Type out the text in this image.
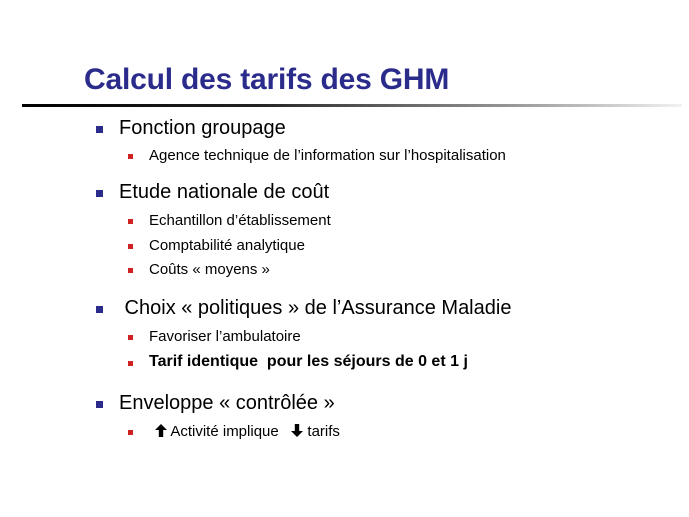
Calcul des tarifs des GHM
Fonction groupage
Agence technique de l’information sur l’hospitalisation
Etude nationale de coût
Echantillon d’établissement
Comptabilité analytique
Coûts « moyens »
Choix « politiques » de l’Assurance Maladie
Favoriser l’ambulatoire
Tarif identique  pour les séjours de 0 et 1 j
Enveloppe « contrôlée »
Activité implique tarifs
